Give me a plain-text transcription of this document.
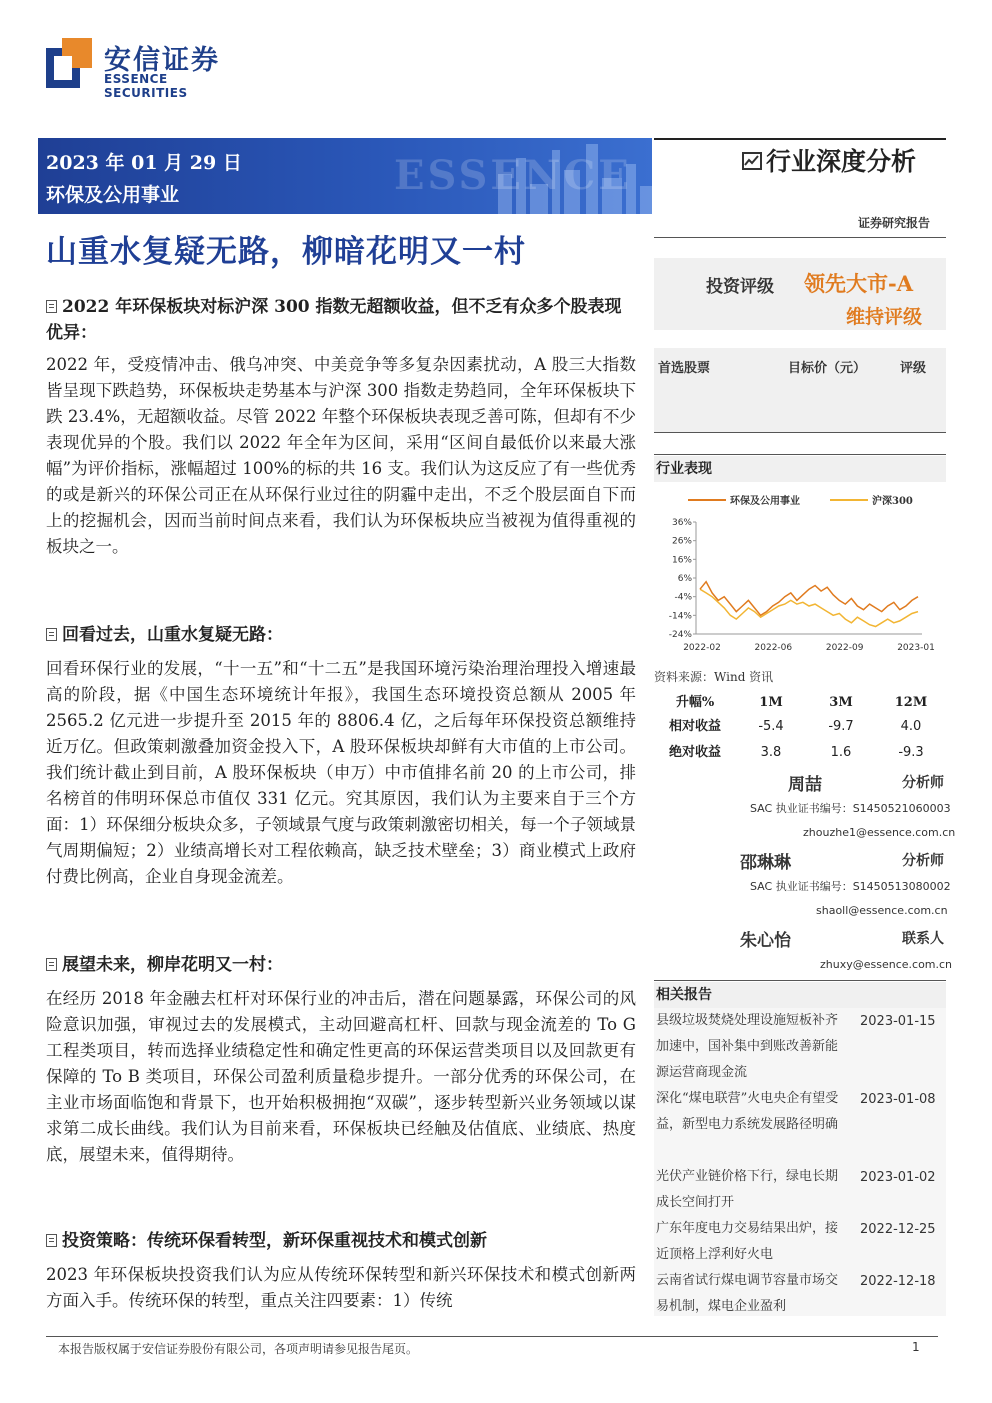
安信证券
ESSENCE SECURITIES
ESSENCE
2023 年 01 月 29 日
环保及公用事业
山重水复疑无路，柳暗花明又一村
2022 年环保板块对标沪深 300 指数无超额收益，但不乏有众多个股表现优异：
2022 年，受疫情冲击、俄乌冲突、中美竞争等多复杂因素扰动，A 股三大指数皆呈现下跌趋势，环保板块走势基本与沪深 300 指数走势趋同，全年环保板块下跌 23.4%，无超额收益。尽管 2022 年整个环保板块表现乏善可陈，但却有不少表现优异的个股。我们以 2022 年全年为区间，采用“区间自最低价以来最大涨幅”为评价指标，涨幅超过 100%的标的共 16 支。我们认为这反应了有一些优秀的或是新兴的环保公司正在从环保行业过往的阴霾中走出，不乏个股层面自下而上的挖掘机会，因而当前时间点来看，我们认为环保板块应当被视为值得重视的板块之一。
回看过去，山重水复疑无路：
回看环保行业的发展，“十一五”和“十二五”是我国环境污染治理治理投入增速最高的阶段，据《中国生态环境统计年报》，我国生态环境投资总额从 2005 年 2565.2 亿元进一步提升至 2015 年的 8806.4 亿，之后每年环保投资总额维持近万亿。但政策刺激叠加资金投入下，A 股环保板块却鲜有大市值的上市公司。我们统计截止到目前，A 股环保板块（申万）中市值排名前 20 的上市公司，排名榜首的伟明环保总市值仅 331 亿元。究其原因，我们认为主要来自于三个方面：1）环保细分板块众多，子领域景气度与政策刺激密切相关，每一个子领域景气周期偏短；2）业绩高增长对工程依赖高，缺乏技术壁垒；3）商业模式上政府付费比例高，企业自身现金流差。
展望未来，柳岸花明又一村：
在经历 2018 年金融去杠杆对环保行业的冲击后，潜在问题暴露，环保公司的风险意识加强，审视过去的发展模式，主动回避高杠杆、回款与现金流差的 To G 工程类项目，转而选择业绩稳定性和确定性更高的环保运营类项目以及回款更有保障的 To B 类项目，环保公司盈利质量稳步提升。一部分优秀的环保公司，在主业市场面临饱和背景下，也开始积极拥抱“双碳”，逐步转型新兴业务领域以谋求第二成长曲线。我们认为目前来看，环保板块已经触及估值底、业绩底、热度底，展望未来，值得期待。
投资策略：传统环保看转型，新环保重视技术和模式创新
2023 年环保板块投资我们认为应从传统环保转型和新兴环保技术和模式创新两方面入手。传统环保的转型，重点关注四要素：1）传统
行业深度分析
证券研究报告
投资评级 领先大市-A
维持评级
首选股票	目标价（元）	评级
行业表现
环保及公用事业	沪深300
36%
26%
16%
6%
-4%
-14%
-24%
2022-02	2022-06	2022-09	2023-01
资料来源：Wind 资讯
升幅%	1M	3M	12M
相对收益	-5.4	-9.7	4.0
绝对收益	3.8	1.6	-9.3
周喆	分析师
SAC 执业证书编号：S1450521060003
zhouzhe1@essence.com.cn
邵琳琳	分析师
SAC 执业证书编号：S1450513080002
shaoll@essence.com.cn
朱心怡	联系人
zhuxy@essence.com.cn
相关报告
县级垃圾焚烧处理设施短板补齐加速中，国补集中到账改善新能源运营商现金流
2023-01-15
深化“煤电联营”火电央企有望受益，新型电力系统发展路径明确
2023-01-08
光伏产业链价格下行，绿电长期成长空间打开
2023-01-02
广东年度电力交易结果出炉，接近顶格上浮利好火电
2022-12-25
云南省试行煤电调节容量市场交易机制，煤电企业盈利
2022-12-18
本报告版权属于安信证券股份有限公司，各项声明请参见报告尾页。	1
